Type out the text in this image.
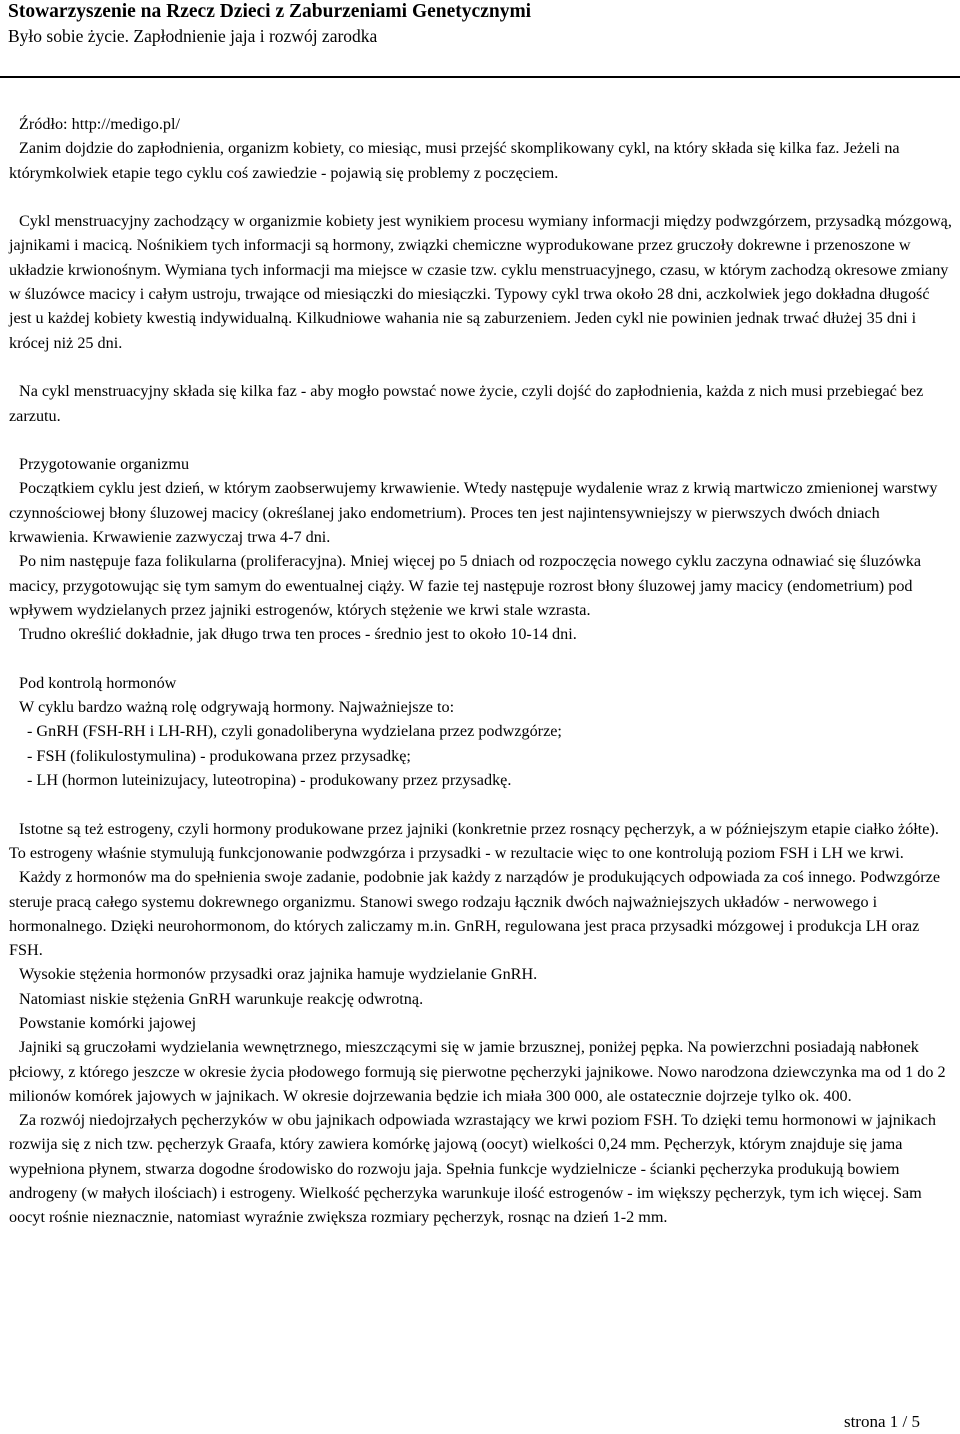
Stowarzyszenie na Rzecz Dzieci z Zaburzeniami Genetycznymi
Było sobie życie. Zapłodnienie jaja i rozwój zarodka

Źródło: http://medigo.pl/

Zanim dojdzie do zapłodnienia, organizm kobiety, co miesiąc, musi przejść skomplikowany cykl, na który składa się kilka faz. Jeżeli na którymkolwiek etapie tego cyklu coś zawiedzie - pojawią się problemy z poczęciem.

Cykl menstruacyjny zachodzący w organizmie kobiety jest wynikiem procesu wymiany informacji między podwzgórzem, przysadką mózgową, jajnikami i macicą. Nośnikiem tych informacji są hormony, związki chemiczne wyprodukowane przez gruczoły dokrewne i przenoszone w układzie krwionośnym. Wymiana tych informacji ma miejsce w czasie tzw. cyklu menstruacyjnego, czasu, w którym zachodzą okresowe zmiany w śluzówce macicy i całym ustroju, trwające od miesiączki do miesiączki. Typowy cykl trwa około 28 dni, aczkolwiek jego dokładna długość jest u każdej kobiety kwestią indywidualną. Kilkudniowe wahania nie są zaburzeniem. Jeden cykl nie powinien jednak trwać dłużej 35 dni i krócej niż 25 dni.

Na cykl menstruacyjny składa się kilka faz - aby mogło powstać nowe życie, czyli dojść do zapłodnienia, każda z nich musi przebiegać bez zarzutu.

Przygotowanie organizmu

Początkiem cyklu jest dzień, w którym zaobserwujemy krwawienie. Wtedy następuje wydalenie wraz z krwią martwiczo zmienionej warstwy czynnościowej błony śluzowej macicy (określanej jako endometrium). Proces ten jest najintensywniejszy w pierwszych dwóch dniach krwawienia. Krwawienie zazwyczaj trwa 4-7 dni.

Po nim następuje faza folikularna (proliferacyjna). Mniej więcej po 5 dniach od rozpoczęcia nowego cyklu zaczyna odnawiać się śluzówka macicy, przygotowując się tym samym do ewentualnej ciąży. W fazie tej następuje rozrost błony śluzowej jamy macicy (endometrium) pod wpływem wydzielanych przez jajniki estrogenów, których stężenie we krwi stale wzrasta.

Trudno określić dokładnie, jak długo trwa ten proces - średnio jest to około 10-14 dni.

Pod kontrolą hormonów

W cyklu bardzo ważną rolę odgrywają hormony. Najważniejsze to:

- GnRH (FSH-RH i LH-RH), czyli gonadoliberyna wydzielana przez podwzgórze;
- FSH (folikulostymulina) - produkowana przez przysadkę;
- LH (hormon luteinizujacy, luteotropina) - produkowany przez przysadkę.

Istotne są też estrogeny, czyli hormony produkowane przez jajniki (konkretnie przez rosnący pęcherzyk, a w późniejszym etapie ciałko żółte). To estrogeny właśnie stymulują funkcjonowanie podwzgórza i przysadki - w rezultacie więc to one kontrolują poziom FSH i LH we krwi.

Każdy z hormonów ma do spełnienia swoje zadanie, podobnie jak każdy z narządów je produkujących odpowiada za coś innego. Podwzgórze steruje pracą całego systemu dokrewnego organizmu. Stanowi swego rodzaju łącznik dwóch najważniejszych układów - nerwowego i hormonalnego. Dzięki neurohormonom, do których zaliczamy m.in. GnRH, regulowana jest praca przysadki mózgowej i produkcja LH oraz FSH.

Wysokie stężenia hormonów przysadki oraz jajnika hamuje wydzielanie GnRH.

Natomiast niskie stężenia GnRH warunkuje reakcję odwrotną.

Powstanie komórki jajowej

Jajniki są gruczołami wydzielania wewnętrznego, mieszczącymi się w jamie brzusznej, poniżej pępka. Na powierzchni posiadają nabłonek płciowy, z którego jeszcze w okresie życia płodowego formują się pierwotne pęcherzyki jajnikowe. Nowo narodzona dziewczynka ma od 1 do 2 milionów komórek jajowych w jajnikach. W okresie dojrzewania będzie ich miała 300 000, ale ostatecznie dojrzeje tylko ok. 400.

Za rozwój niedojrzałych pęcherzyków w obu jajnikach odpowiada wzrastający we krwi poziom FSH. To dzięki temu hormonowi w jajnikach rozwija się z nich tzw. pęcherzyk Graafa, który zawiera komórkę jajową (oocyt) wielkości 0,24 mm. Pęcherzyk, którym znajduje się jama wypełniona płynem, stwarza dogodne środowisko do rozwoju jaja. Spełnia funkcje wydzielnicze - ścianki pęcherzyka produkują bowiem androgeny (w małych ilościach) i estrogeny. Wielkość pęcherzyka warunkuje ilość estrogenów - im większy pęcherzyk, tym ich więcej. Sam oocyt rośnie nieznacznie, natomiast wyraźnie zwiększa rozmiary pęcherzyk, rosnąc na dzień 1-2 mm.

strona 1 / 5
